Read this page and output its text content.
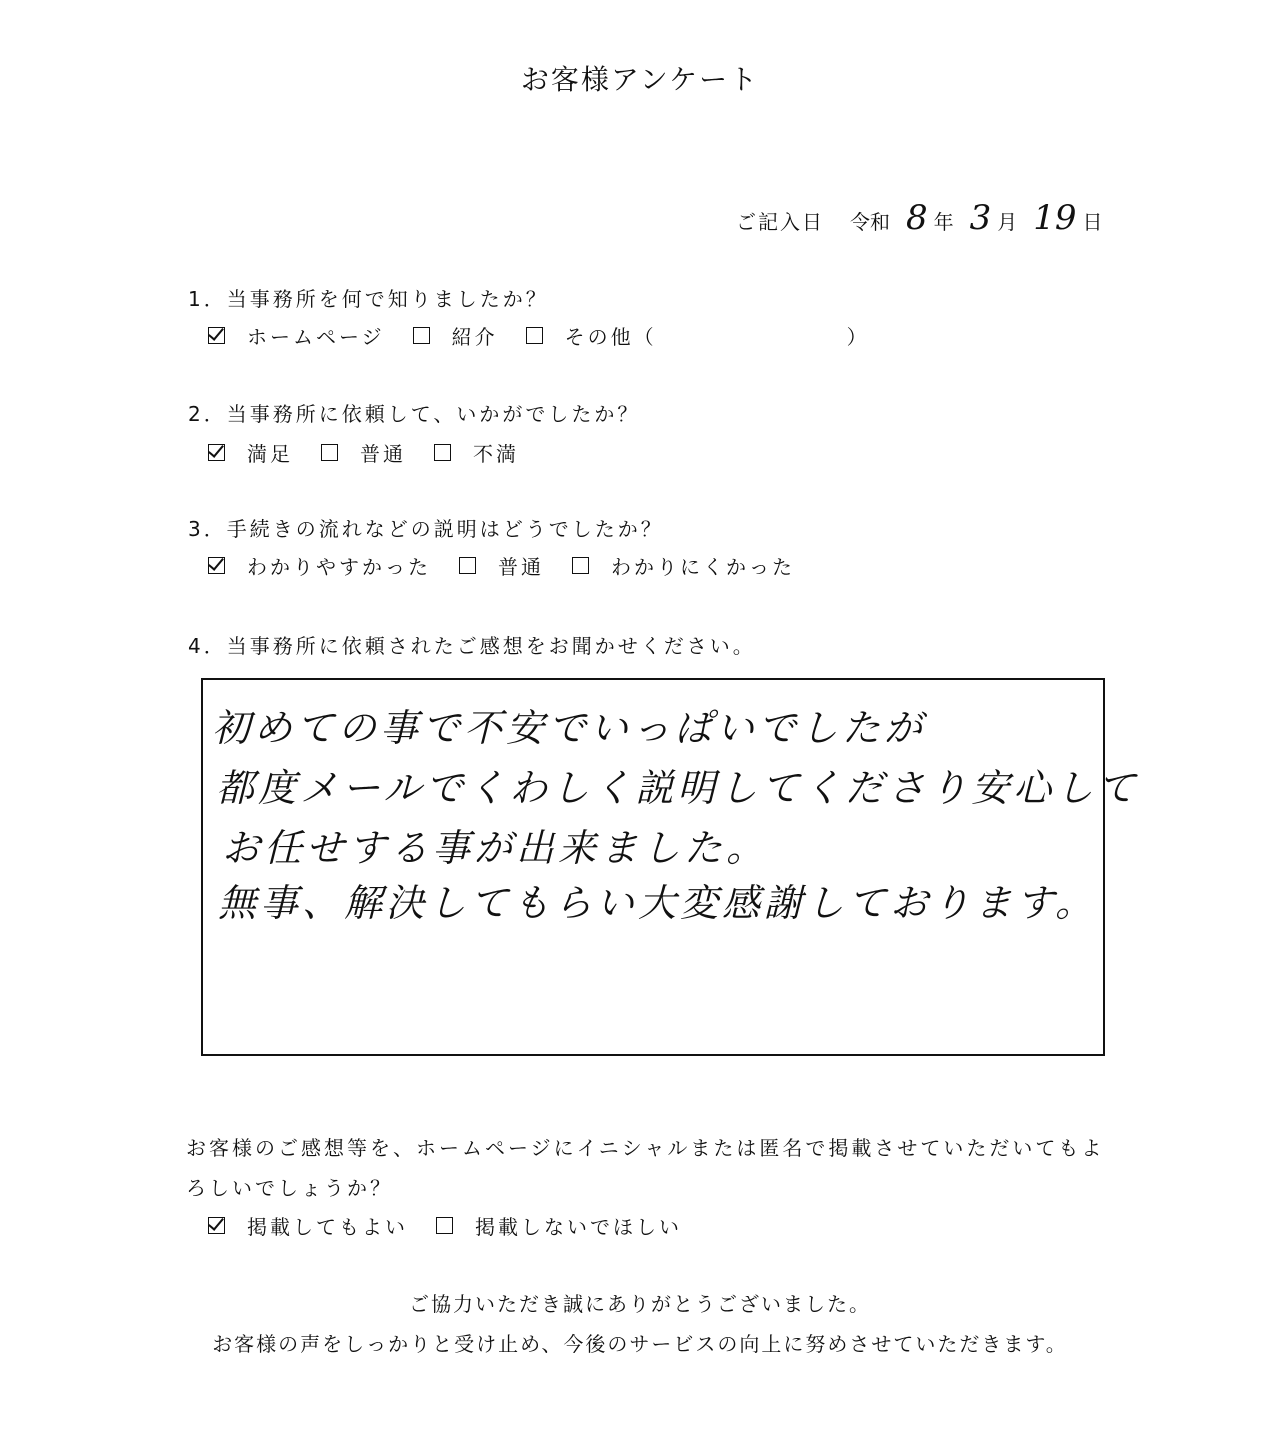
お客様アンケート
ご記入日 令和 8 年 3 月 19 日
1．当事務所を何で知りましたか？
ホームページ	紹介	その他（	）
2．当事務所に依頼して、いかがでしたか？
満足	普通	不満
3．手続きの流れなどの説明はどうでしたか？
わかりやすかった	普通	わかりにくかった
4．当事務所に依頼されたご感想をお聞かせください。
初めての事で不安でいっぱいでしたが
都度メールでくわしく説明してくださり安心して
お任せする事が出来ました。
無事、解決してもらい大変感謝しております。
お客様のご感想等を、ホームページにイニシャルまたは匿名で掲載させていただいてもよ
ろしいでしょうか？
掲載してもよい	掲載しないでほしい
ご協力いただき誠にありがとうございました。
お客様の声をしっかりと受け止め、今後のサービスの向上に努めさせていただきます。
